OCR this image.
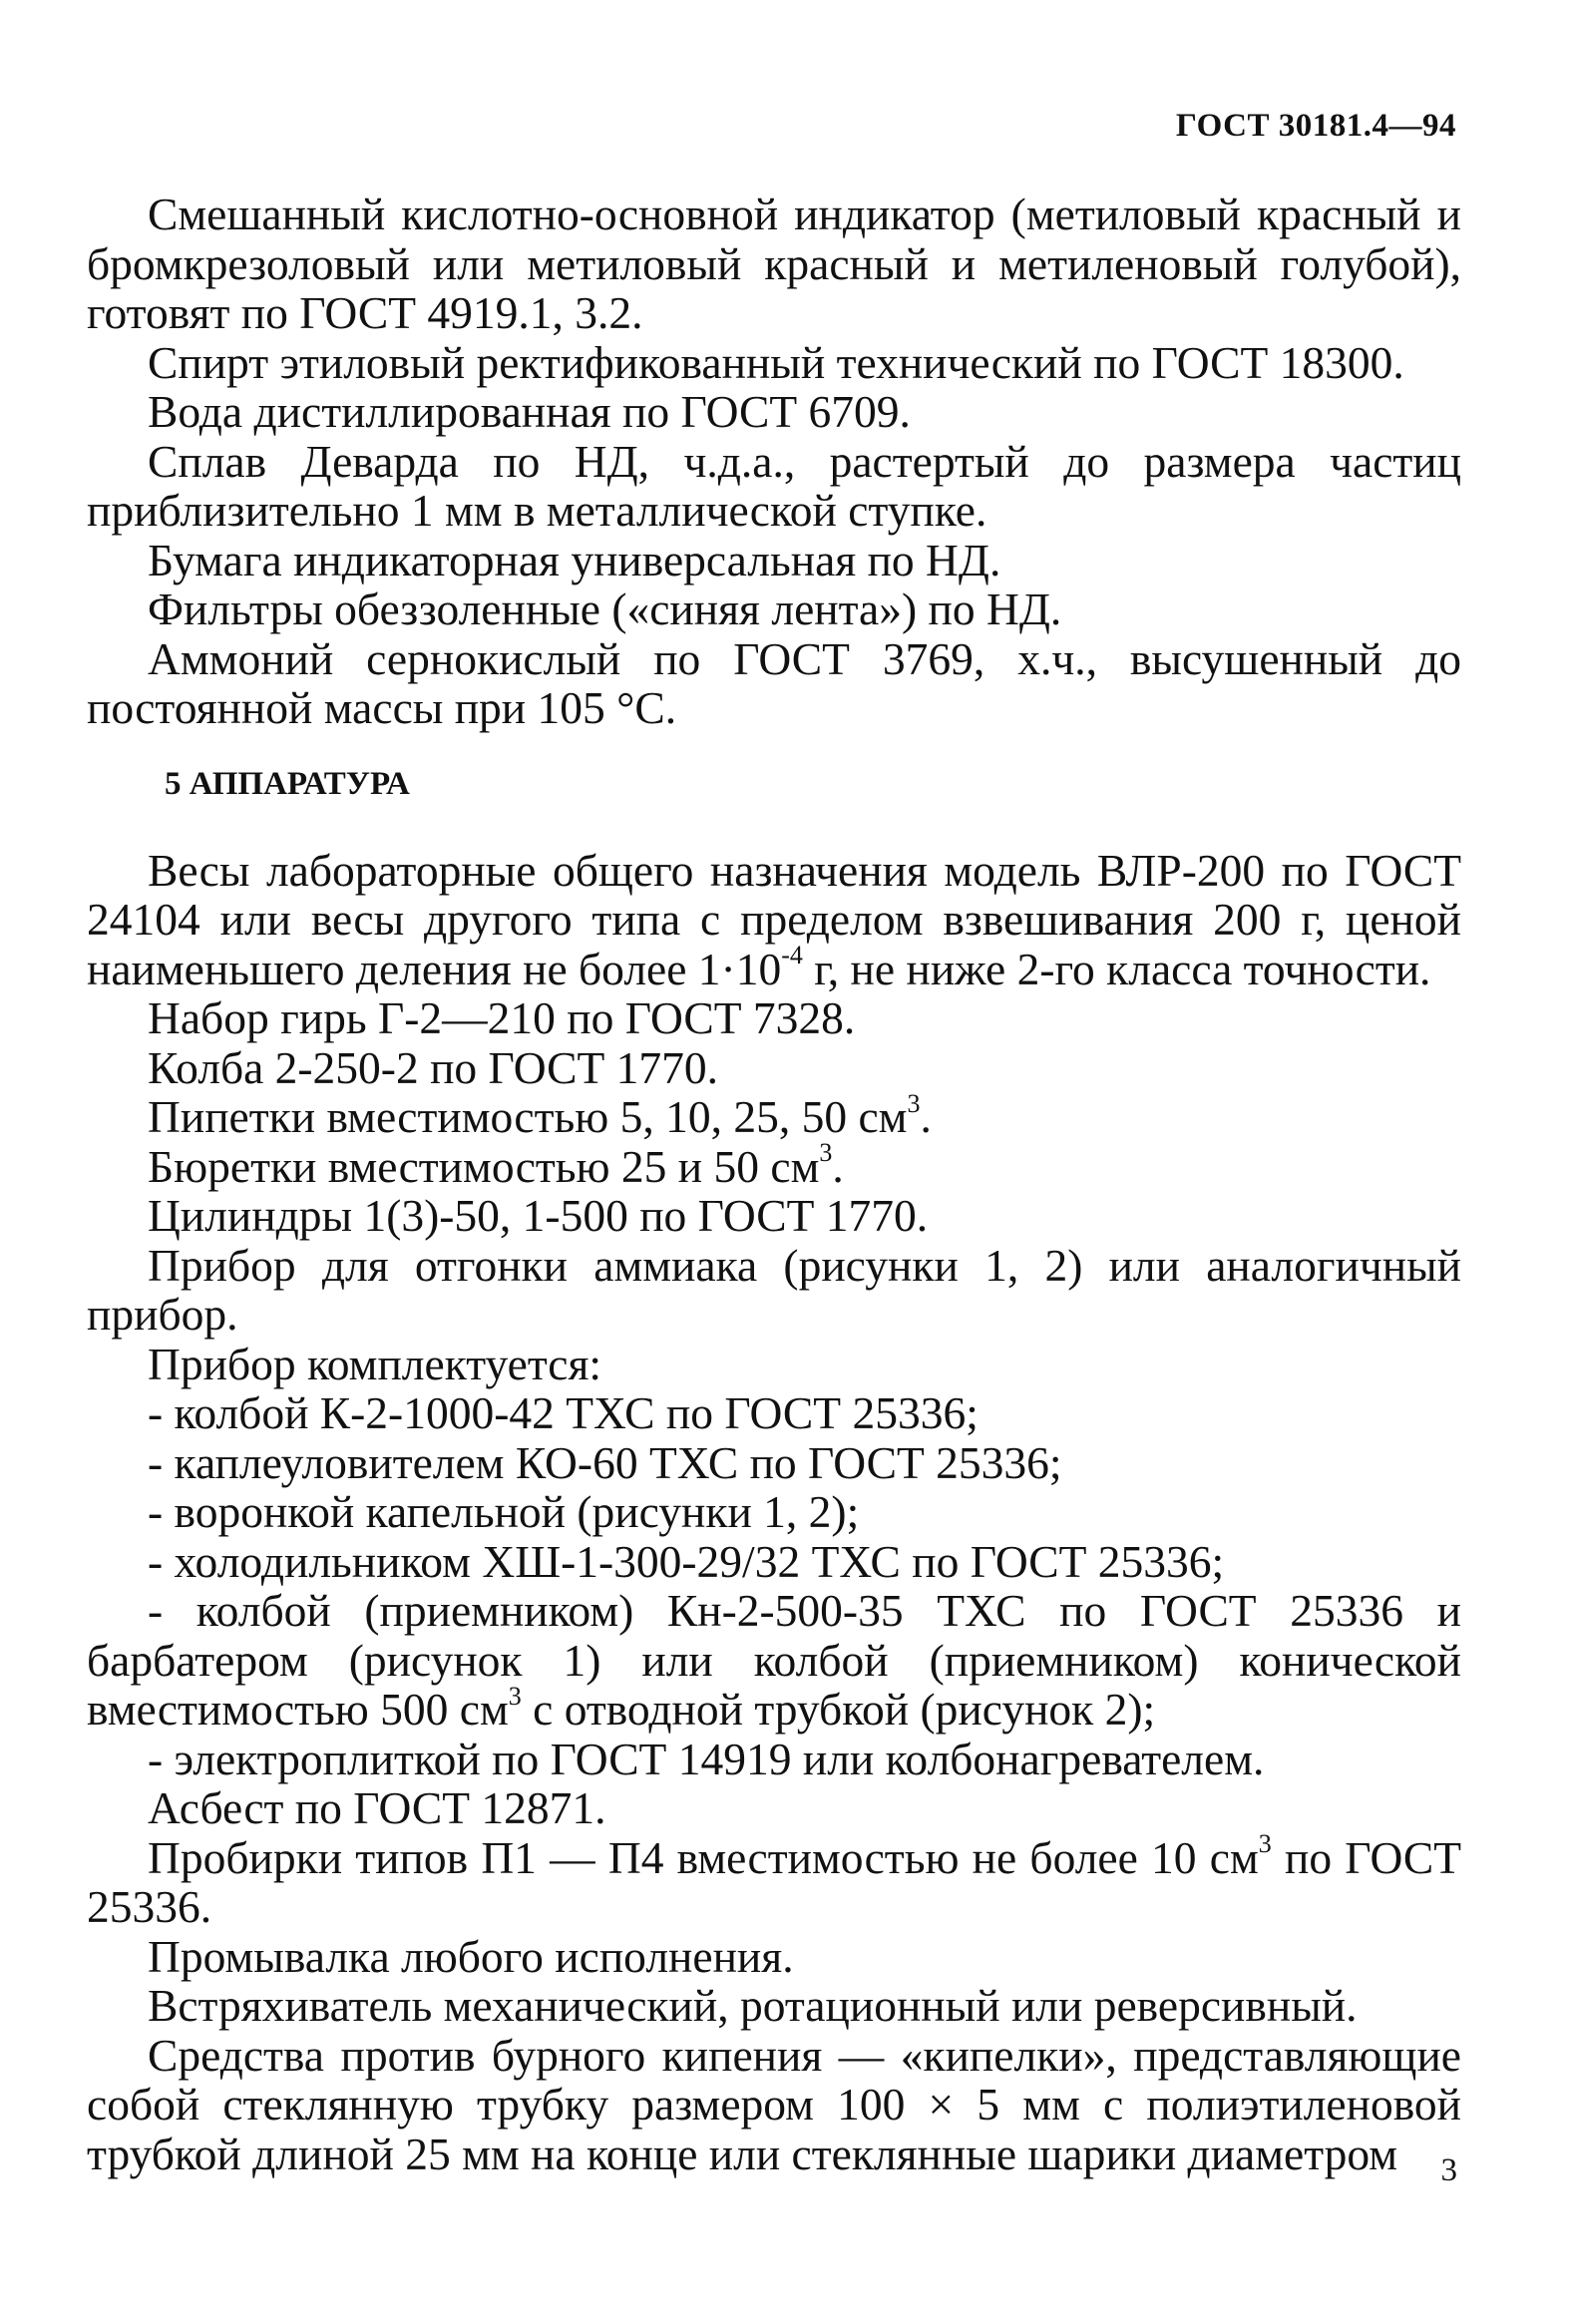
ГОСТ 30181.4—94

Смешанный кислотно-основной индикатор (метиловый красный и бромкрезоловый или метиловый красный и метиленовый голубой), готовят по ГОСТ 4919.1, 3.2.

Спирт этиловый ректификованный технический по ГОСТ 18300.

Вода дистиллированная по ГОСТ 6709.

Сплав Деварда по НД, ч.д.а., растертый до размера частиц приблизительно 1 мм в металлической ступке.

Бумага индикаторная универсальная по НД.

Фильтры обеззоленные («синяя лента») по НД.

Аммоний сернокислый по ГОСТ 3769, х.ч., высушенный до постоянной массы при 105 °С.

5 АППАРАТУРА

Весы лабораторные общего назначения модель ВЛР-200 по ГОСТ 24104 или весы другого типа с пределом взвешивания 200 г, ценой наименьшего деления не более $1\cdot 10^{-4}$ г, не ниже 2-го класса точности.

Набор гирь Г-2—210 по ГОСТ 7328.

Колба 2-250-2 по ГОСТ 1770.

Пипетки вместимостью 5, 10, 25, 50 $см^3$.

Бюретки вместимостью 25 и 50 $см^3$.

Цилиндры 1(3)-50, 1-500 по ГОСТ 1770.

Прибор для отгонки аммиака (рисунки 1, 2) или аналогичный прибор.

Прибор комплектуется:

- колбой К-2-1000-42 ТХС по ГОСТ 25336;

- каплеуловителем КО-60 ТХС по ГОСТ 25336;

- воронкой капельной (рисунки 1, 2);

- холодильником ХШ-1-300-29/32 ТХС по ГОСТ 25336;

- колбой (приемником) Кн-2-500-35 ТХС по ГОСТ 25336 и барбатером (рисунок 1) или колбой (приемником) конической вместимостью 500 $см^3$ с отводной трубкой (рисунок 2);

- электроплиткой по ГОСТ 14919 или колбонагревателем.

Асбест по ГОСТ 12871.

Пробирки типов П1 — П4 вместимостью не более 10 $см^3$ по ГОСТ 25336.

Промывалка любого исполнения.

Встряхиватель механический, ротационный или реверсивный.

Средства против бурного кипения — «кипелки», представляющие собой стеклянную трубку размером 100 × 5 мм с полиэтиленовой трубкой длиной 25 мм на конце или стеклянные шарики диаметром	3
